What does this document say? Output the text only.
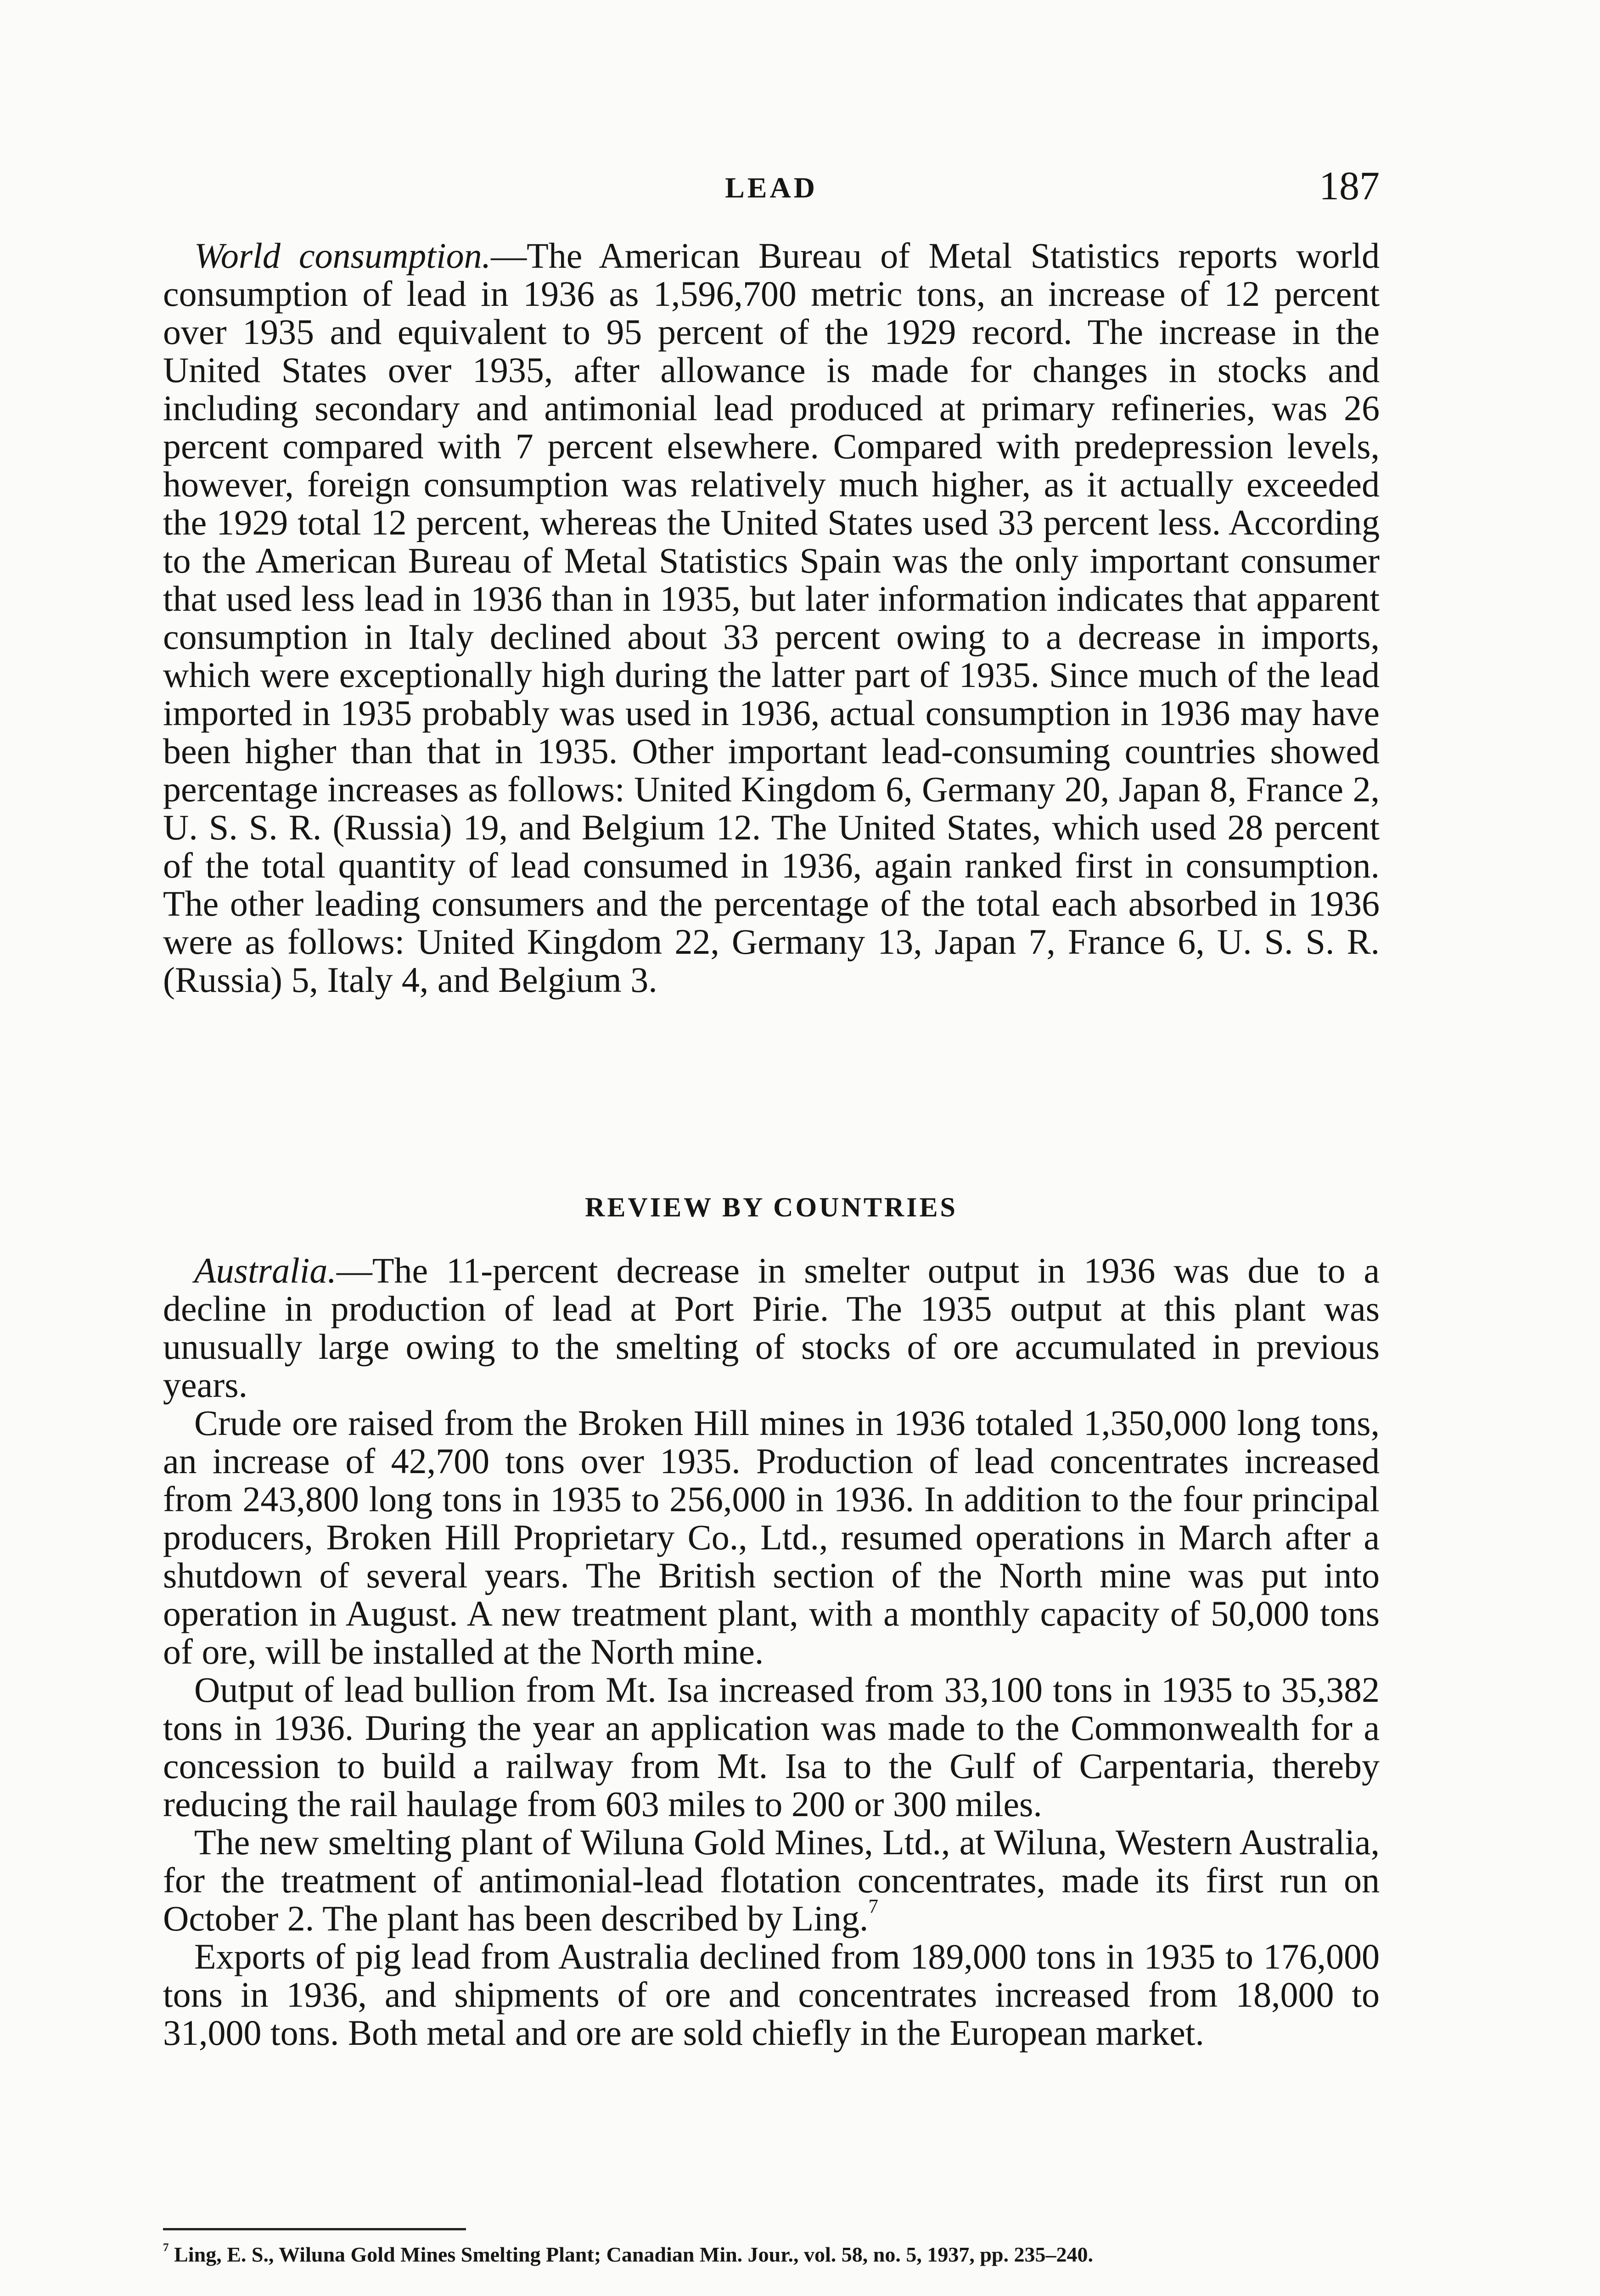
LEAD	187

World consumption.—The American Bureau of Metal Statistics reports world consumption of lead in 1936 as 1,596,700 metric tons, an increase of 12 percent over 1935 and equivalent to 95 percent of the 1929 record. The increase in the United States over 1935, after allowance is made for changes in stocks and including secondary and antimonial lead produced at primary refineries, was 26 percent compared with 7 percent elsewhere. Compared with predepression levels, however, foreign consumption was relatively much higher, as it actually exceeded the 1929 total 12 percent, whereas the United States used 33 percent less. According to the American Bureau of Metal Statistics Spain was the only important consumer that used less lead in 1936 than in 1935, but later information indicates that apparent consumption in Italy declined about 33 percent owing to a decrease in imports, which were exceptionally high during the latter part of 1935. Since much of the lead imported in 1935 probably was used in 1936, actual consumption in 1936 may have been higher than that in 1935. Other important lead-consuming countries showed percentage increases as follows: United Kingdom 6, Germany 20, Japan 8, France 2, U. S. S. R. (Russia) 19, and Belgium 12. The United States, which used 28 percent of the total quantity of lead consumed in 1936, again ranked first in consumption. The other leading consumers and the percentage of the total each absorbed in 1936 were as follows: United Kingdom 22, Germany 13, Japan 7, France 6, U. S. S. R. (Russia) 5, Italy 4, and Belgium 3.

REVIEW BY COUNTRIES

Australia.—The 11-percent decrease in smelter output in 1936 was due to a decline in production of lead at Port Pirie. The 1935 output at this plant was unusually large owing to the smelting of stocks of ore accumulated in previous years.

Crude ore raised from the Broken Hill mines in 1936 totaled 1,350,000 long tons, an increase of 42,700 tons over 1935. Production of lead concentrates increased from 243,800 long tons in 1935 to 256,000 in 1936. In addition to the four principal producers, Broken Hill Proprietary Co., Ltd., resumed operations in March after a shutdown of several years. The British section of the North mine was put into operation in August. A new treatment plant, with a monthly capacity of 50,000 tons of ore, will be installed at the North mine.

Output of lead bullion from Mt. Isa increased from 33,100 tons in 1935 to 35,382 tons in 1936. During the year an application was made to the Commonwealth for a concession to build a railway from Mt. Isa to the Gulf of Carpentaria, thereby reducing the rail haulage from 603 miles to 200 or 300 miles.

The new smelting plant of Wiluna Gold Mines, Ltd., at Wiluna, Western Australia, for the treatment of antimonial-lead flotation concentrates, made its first run on October 2. The plant has been described by Ling.$^7$

Exports of pig lead from Australia declined from 189,000 tons in 1935 to 176,000 tons in 1936, and shipments of ore and concentrates increased from 18,000 to 31,000 tons. Both metal and ore are sold chiefly in the European market.

$^7$ Ling, E. S., Wiluna Gold Mines Smelting Plant; Canadian Min. Jour., vol. 58, no. 5, 1937, pp. 235–240.
